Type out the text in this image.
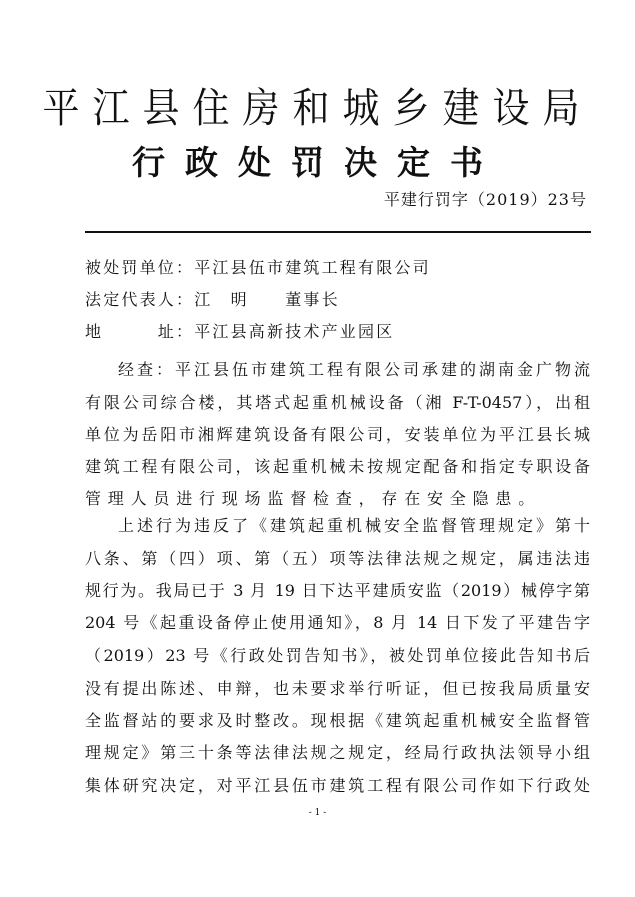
平江县住房和城乡建设局
行政处罚决定书
平建行罚字（2019）23号
被处罚单位：平江县伍市建筑工程有限公司
法定代表人：江　明　　董事长
地　　　址：平江县高新技术产业园区
经查：平江县伍市建筑工程有限公司承建的湖南金广物流
有限公司综合楼，其塔式起重机械设备（湘 F-T-0457），出租
单位为岳阳市湘辉建筑设备有限公司，安装单位为平江县长城
建筑工程有限公司，该起重机械未按规定配备和指定专职设备
管理人员进行现场监督检查，存在安全隐患。
上述行为违反了《建筑起重机械安全监督管理规定》第十
八条、第（四）项、第（五）项等法律法规之规定，属违法违
规行为。我局已于 3 月 19 日下达平建质安监（2019）械停字第
204 号《起重设备停止使用通知》，8 月 14 日下发了平建告字
（2019）23 号《行政处罚告知书》，被处罚单位接此告知书后
没有提出陈述、申辩，也未要求举行听证，但已按我局质量安
全监督站的要求及时整改。现根据《建筑起重机械安全监督管
理规定》第三十条等法律法规之规定，经局行政执法领导小组
集体研究决定，对平江县伍市建筑工程有限公司作如下行政处
- 1 -
